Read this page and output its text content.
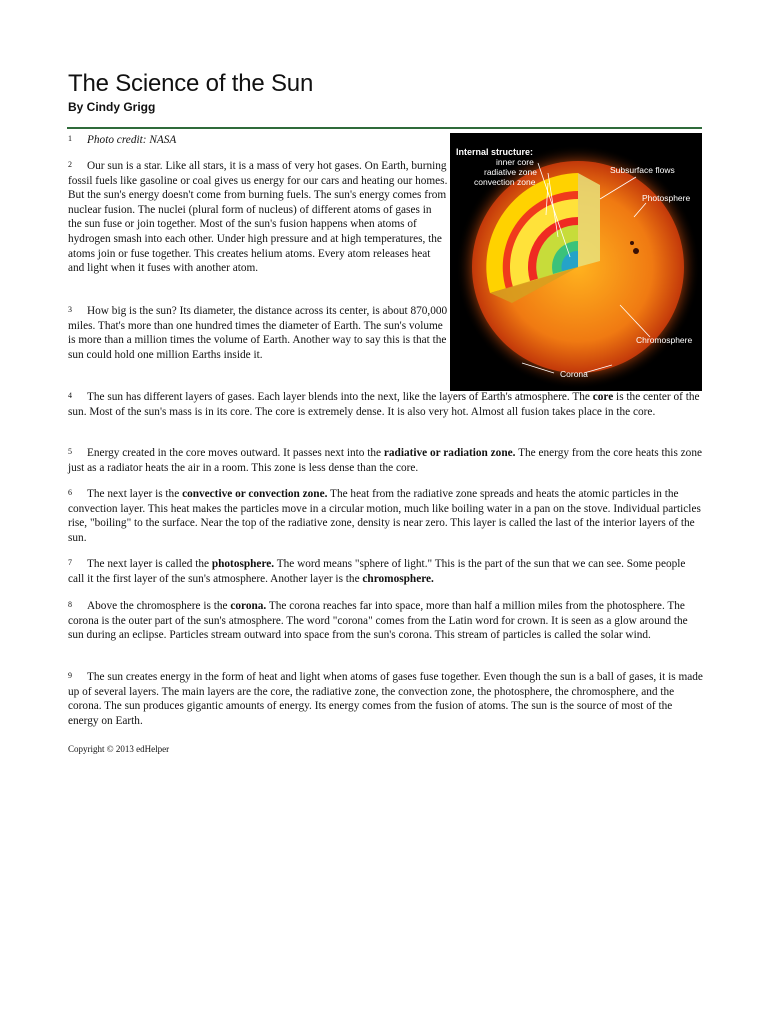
The Science of the Sun

By Cindy Grigg

Internal structure:
inner core
radiative zone
convection zone
Subsurface flows
Photosphere
Chromosphere
Corona

1 Photo credit: NASA

2 Our sun is a star. Like all stars, it is a mass of very hot gases. On Earth, burning fossil fuels like gasoline or coal gives us energy for our cars and heating our homes. But the sun's energy doesn't come from burning fuels. The sun's energy comes from nuclear fusion. The nuclei (plural form of nucleus) of different atoms of gases in the sun fuse or join together. Most of the sun's fusion happens when atoms of hydrogen smash into each other. Under high pressure and at high temperatures, the atoms join or fuse together. This creates helium atoms. Every atom releases heat and light when it fuses with another atom.

3 How big is the sun? Its diameter, the distance across its center, is about 870,000 miles. That's more than one hundred times the diameter of Earth. The sun's volume is more than a million times the volume of Earth. Another way to say this is that the sun could hold one million Earths inside it.

4 The sun has different layers of gases. Each layer blends into the next, like the layers of Earth's atmosphere. The core is the center of the sun. Most of the sun's mass is in its core. The core is extremely dense. It is also very hot. Almost all fusion takes place in the core.

5 Energy created in the core moves outward. It passes next into the radiative or radiation zone. The energy from the core heats this zone just as a radiator heats the air in a room. This zone is less dense than the core.

6 The next layer is the convective or convection zone. The heat from the radiative zone spreads and heats the atomic particles in the convection layer. This heat makes the particles move in a circular motion, much like boiling water in a pan on the stove. Individual particles rise, "boiling" to the surface. Near the top of the radiative zone, density is near zero. This layer is called the last of the interior layers of the sun.

7 The next layer is called the photosphere. The word means "sphere of light." This is the part of the sun that we can see. Some people call it the first layer of the sun's atmosphere. Another layer is the chromosphere.

8 Above the chromosphere is the corona. The corona reaches far into space, more than half a million miles from the photosphere. The corona is the outer part of the sun's atmosphere. The word "corona" comes from the Latin word for crown. It is seen as a glow around the sun during an eclipse. Particles stream outward into space from the sun's corona. This stream of particles is called the solar wind.

9 The sun creates energy in the form of heat and light when atoms of gases fuse together. Even though the sun is a ball of gases, it is made up of several layers. The main layers are the core, the radiative zone, the convection zone, the photosphere, the chromosphere, and the corona. The sun produces gigantic amounts of energy. Its energy comes from the fusion of atoms. The sun is the source of most of the energy on Earth.

Copyright © 2013 edHelper
